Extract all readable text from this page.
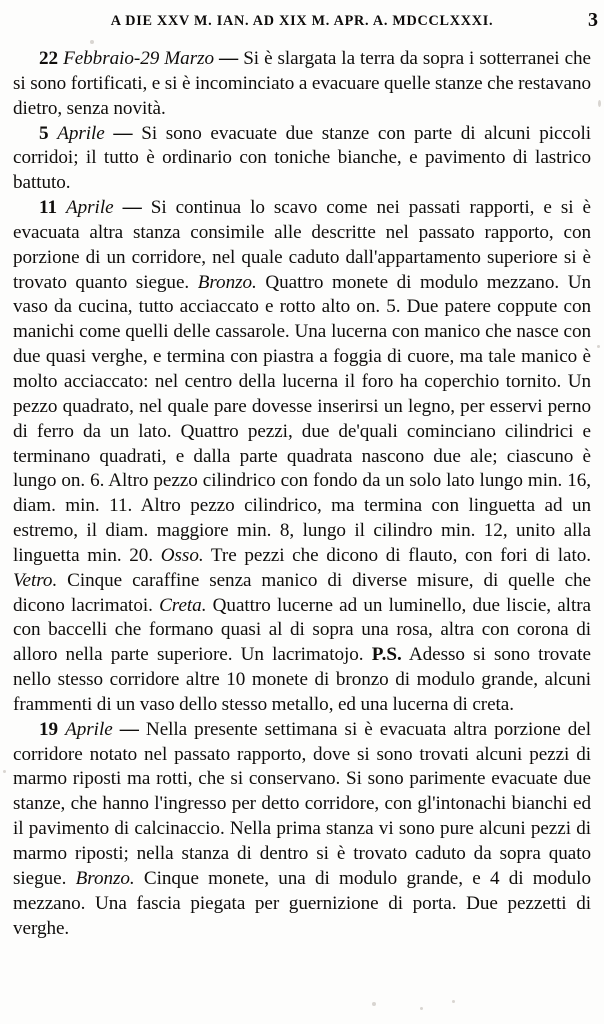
A DIE XXV M. IAN. AD XIX M. APR. A. MDCCLXXXI.	3

22 Febbraio-29 Marzo — Si è slargata la terra da sopra i sotterranei che si sono fortificati, e si è incominciato a evacuare quelle stanze che restavano dietro, senza novità.

5 Aprile — Si sono evacuate due stanze con parte di alcuni piccoli corridoi; il tutto è ordinario con toniche bianche, e pavimento di lastrico battuto.

11 Aprile — Si continua lo scavo come nei passati rapporti, e si è evacuata altra stanza consimile alle descritte nel passato rapporto, con porzione di un corridore, nel quale caduto dall'appartamento superiore si è trovato quanto siegue. Bronzo. Quattro monete di modulo mezzano. Un vaso da cucina, tutto acciaccato e rotto alto on. 5. Due patere coppute con manichi come quelli delle cassarole. Una lucerna con manico che nasce con due quasi verghe, e termina con piastra a foggia di cuore, ma tale manico è molto acciaccato: nel centro della lucerna il foro ha coperchio tornito. Un pezzo quadrato, nel quale pare dovesse inserirsi un legno, per esservi perno di ferro da un lato. Quattro pezzi, due de'quali cominciano cilindrici e terminano quadrati, e dalla parte quadrata nascono due ale; ciascuno è lungo on. 6. Altro pezzo cilindrico con fondo da un solo lato lungo min. 16, diam. min. 11. Altro pezzo cilindrico, ma termina con linguetta ad un estremo, il diam. maggiore min. 8, lungo il cilindro min. 12, unito alla linguetta min. 20. Osso. Tre pezzi che dicono di flauto, con fori di lato. Vetro. Cinque caraffine senza manico di diverse misure, di quelle che dicono lacrimatoi. Creta. Quattro lucerne ad un luminello, due liscie, altra con baccelli che formano quasi al di sopra una rosa, altra con corona di alloro nella parte superiore. Un lacrimatojo. P.S. Adesso si sono trovate nello stesso corridore altre 10 monete di bronzo di modulo grande, alcuni frammenti di un vaso dello stesso metallo, ed una lucerna di creta.

19 Aprile — Nella presente settimana si è evacuata altra porzione del corridore notato nel passato rapporto, dove si sono trovati alcuni pezzi di marmo riposti ma rotti, che si conservano. Si sono parimente evacuate due stanze, che hanno l'ingresso per detto corridore, con gl'intonachi bianchi ed il pavimento di calcinaccio. Nella prima stanza vi sono pure alcuni pezzi di marmo riposti; nella stanza di dentro si è trovato caduto da sopra quato siegue. Bronzo. Cinque monete, una di modulo grande, e 4 di modulo mezzano. Una fascia piegata per guernizione di porta. Due pezzetti di verghe.
